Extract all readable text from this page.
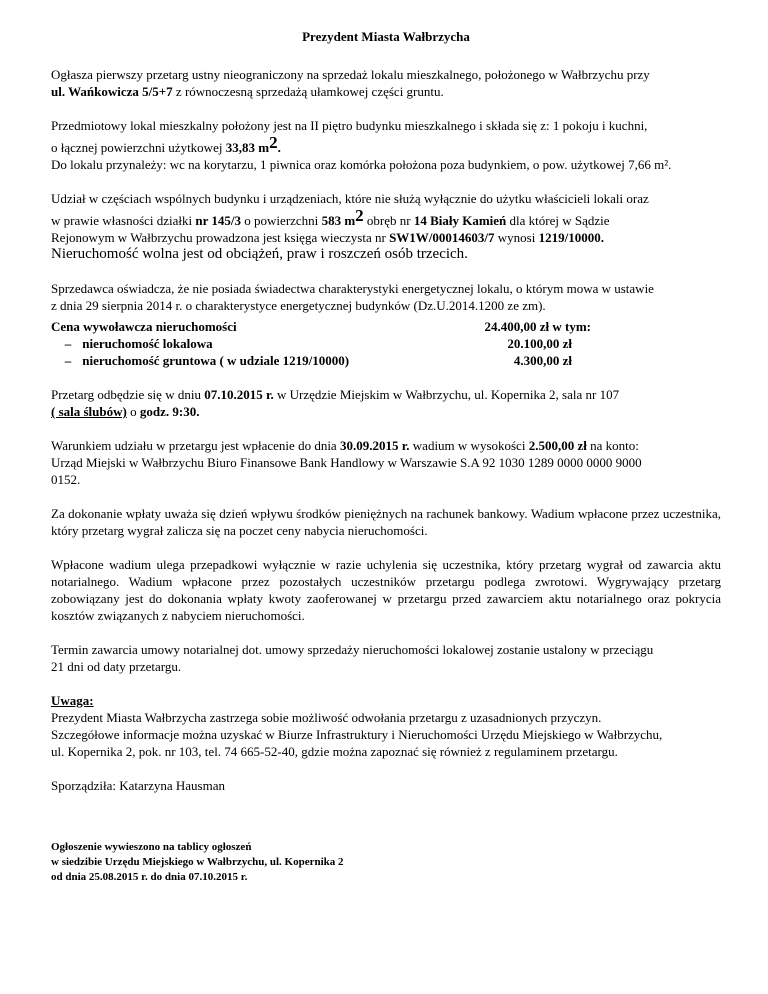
Prezydent Miasta Wałbrzycha

Ogłasza pierwszy przetarg ustny nieograniczony na sprzedaż lokalu mieszkalnego, położonego w Wałbrzychu przy

ul. Wańkowicza 5/5+7 z równoczesną sprzedażą ułamkowej części gruntu.

Przedmiotowy lokal mieszkalny położony jest na II piętro budynku mieszkalnego i składa się z: 1 pokoju i kuchni,

o łącznej powierzchni użytkowej 33,83 m2.

Do lokalu przynależy: wc na korytarzu, 1 piwnica oraz komórka położona poza budynkiem, o pow. użytkowej 7,66 m².

Udział w częściach wspólnych budynku i urządzeniach, które nie służą wyłącznie do użytku właścicieli lokali oraz

w prawie własności działki nr 145/3 o powierzchni 583 m2 obręb nr 14 Biały Kamień dla której w Sądzie

Rejonowym w Wałbrzychu prowadzona jest księga wieczysta nr SW1W/00014603/7 wynosi 1219/10000.

Nieruchomość wolna jest od obciążeń, praw i roszczeń osób trzecich.

Sprzedawca oświadcza, że nie posiada świadectwa charakterystyki energetycznej lokalu, o którym mowa w ustawie

z dnia 29 sierpnia 2014 r. o charakterystyce energetycznej budynków (Dz.U.2014.1200 ze zm).

Cena wywoławcza nieruchomości	24.400,00 zł w tym:
– nieruchomość lokalowa	20.100,00 zł
– nieruchomość gruntowa ( w udziale 1219/10000)	4.300,00 zł

Przetarg odbędzie się w dniu 07.10.2015 r. w Urzędzie Miejskim w Wałbrzychu, ul. Kopernika 2, sala nr 107

( sala ślubów) o godz. 9:30.

Warunkiem udziału w przetargu jest wpłacenie do dnia 30.09.2015 r. wadium w wysokości 2.500,00 zł na konto:

Urząd Miejski w Wałbrzychu Biuro Finansowe Bank Handlowy w Warszawie S.A 92 1030 1289 0000 0000 9000

0152.

Za dokonanie wpłaty uważa się dzień wpływu środków pieniężnych na rachunek bankowy. Wadium wpłacone przez uczestnika, który przetarg wygrał zalicza się na poczet ceny nabycia nieruchomości.

Wpłacone wadium ulega przepadkowi wyłącznie w razie uchylenia się uczestnika, który przetarg wygrał od zawarcia aktu notarialnego. Wadium wpłacone przez pozostałych uczestników przetargu podlega zwrotowi. Wygrywający przetarg zobowiązany jest do dokonania wpłaty kwoty zaoferowanej w przetargu przed zawarciem aktu notarialnego oraz pokrycia kosztów związanych z nabyciem nieruchomości.

Termin zawarcia umowy notarialnej dot. umowy sprzedaży nieruchomości lokalowej zostanie ustalony w przeciągu

21 dni od daty przetargu.

Uwaga:

Prezydent Miasta Wałbrzycha zastrzega sobie możliwość odwołania przetargu z uzasadnionych przyczyn.

Szczegółowe informacje można uzyskać w Biurze Infrastruktury i Nieruchomości Urzędu Miejskiego w Wałbrzychu,

ul. Kopernika 2, pok. nr 103, tel. 74 665-52-40, gdzie można zapoznać się również z regulaminem przetargu.

Sporządziła: Katarzyna Hausman

Ogłoszenie wywieszono na tablicy ogłoszeń

w siedzibie Urzędu Miejskiego w Wałbrzychu, ul. Kopernika 2

od dnia 25.08.2015 r. do dnia 07.10.2015 r.
